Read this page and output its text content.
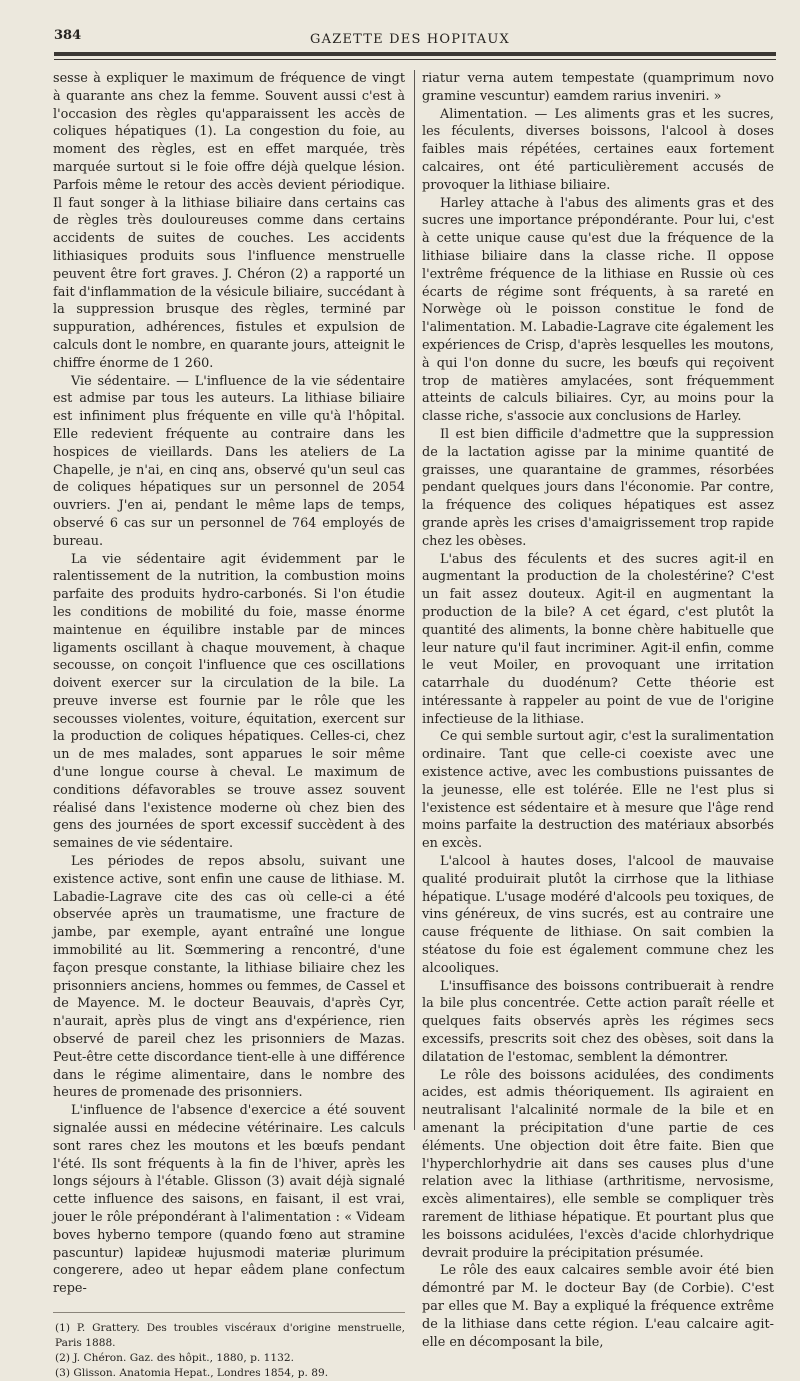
384	GAZETTE DES HOPITAUX

sesse à expliquer le maximum de fréquence de vingt à quarante ans chez la femme. Souvent aussi c'est à l'occasion des règles qu'apparaissent les accès de coliques hépatiques (1). La congestion du foie, au moment des règles, est en effet marquée, très marquée surtout si le foie offre déjà quelque lésion. Parfois même le retour des accès devient périodique. Il faut songer à la lithiase biliaire dans certains cas de règles très douloureuses comme dans certains accidents de suites de couches. Les accidents lithiasiques produits sous l'influence menstruelle peuvent être fort graves. J. Chéron (2) a rapporté un fait d'inflammation de la vésicule biliaire, succédant à la suppression brusque des règles, terminé par suppuration, adhérences, fistules et expulsion de calculs dont le nombre, en quarante jours, atteignit le chiffre énorme de 1 260.

Vie sédentaire. — L'influence de la vie sédentaire est admise par tous les auteurs. La lithiase biliaire est infiniment plus fréquente en ville qu'à l'hôpital. Elle redevient fréquente au contraire dans les hospices de vieillards. Dans les ateliers de La Chapelle, je n'ai, en cinq ans, observé qu'un seul cas de coliques hépatiques sur un personnel de 2054 ouvriers. J'en ai, pendant le même laps de temps, observé 6 cas sur un personnel de 764 employés de bureau.

La vie sédentaire agit évidemment par le ralentissement de la nutrition, la combustion moins parfaite des produits hydro-carbonés. Si l'on étudie les conditions de mobilité du foie, masse énorme maintenue en équilibre instable par de minces ligaments oscillant à chaque mouvement, à chaque secousse, on conçoit l'influence que ces oscillations doivent exercer sur la circulation de la bile. La preuve inverse est fournie par le rôle que les secousses violentes, voiture, équitation, exercent sur la production de coliques hépatiques. Celles-ci, chez un de mes malades, sont apparues le soir même d'une longue course à cheval. Le maximum de conditions défavorables se trouve assez souvent réalisé dans l'existence moderne où chez bien des gens des journées de sport excessif succèdent à des semaines de vie sédentaire.

Les périodes de repos absolu, suivant une existence active, sont enfin une cause de lithiase. M. Labadie-Lagrave cite des cas où celle-ci a été observée après un traumatisme, une fracture de jambe, par exemple, ayant entraîné une longue immobilité au lit. Sœmmering a rencontré, d'une façon presque constante, la lithiase biliaire chez les prisonniers anciens, hommes ou femmes, de Cassel et de Mayence. M. le docteur Beauvais, d'après Cyr, n'aurait, après plus de vingt ans d'expérience, rien observé de pareil chez les prisonniers de Mazas. Peut-être cette discordance tient-elle à une différence dans le régime alimentaire, dans le nombre des heures de promenade des prisonniers.

L'influence de l'absence d'exercice a été souvent signalée aussi en médecine vétérinaire. Les calculs sont rares chez les moutons et les bœufs pendant l'été. Ils sont fréquents à la fin de l'hiver, après les longs séjours à l'étable. Glisson (3) avait déjà signalé cette influence des saisons, en faisant, il est vrai, jouer le rôle prépondérant à l'alimentation : « Videam boves hyberno tempore (quando fœno aut stramine pascuntur) lapideæ hujusmodi materiæ plurimum congerere, adeo ut hepar eâdem plane confectum repe-

(1) P. Grattery. Des troubles viscéraux d'origine menstruelle, Paris 1888.

(2) J. Chéron. Gaz. des hôpit., 1880, p. 1132.

(3) Glisson. Anatomia Hepat., Londres 1854, p. 89.

riatur verna autem tempestate (quamprimum novo gramine vescuntur) eamdem rarius inveniri. »

Alimentation. — Les aliments gras et les sucres, les féculents, diverses boissons, l'alcool à doses faibles mais répétées, certaines eaux fortement calcaires, ont été particulièrement accusés de provoquer la lithiase biliaire.

Harley attache à l'abus des aliments gras et des sucres une importance prépondérante. Pour lui, c'est à cette unique cause qu'est due la fréquence de la lithiase biliaire dans la classe riche. Il oppose l'extrême fréquence de la lithiase en Russie où ces écarts de régime sont fréquents, à sa rareté en Norwège où le poisson constitue le fond de l'alimentation. M. Labadie-Lagrave cite également les expériences de Crisp, d'après lesquelles les moutons, à qui l'on donne du sucre, les bœufs qui reçoivent trop de matières amylacées, sont fréquemment atteints de calculs biliaires. Cyr, au moins pour la classe riche, s'associe aux conclusions de Harley.

Il est bien difficile d'admettre que la suppression de la lactation agisse par la minime quantité de graisses, une quarantaine de grammes, résorbées pendant quelques jours dans l'économie. Par contre, la fréquence des coliques hépatiques est assez grande après les crises d'amaigrissement trop rapide chez les obèses.

L'abus des féculents et des sucres agit-il en augmentant la production de la cholestérine? C'est un fait assez douteux. Agit-il en augmentant la production de la bile? A cet égard, c'est plutôt la quantité des aliments, la bonne chère habituelle que leur nature qu'il faut incriminer. Agit-il enfin, comme le veut Moiler, en provoquant une irritation catarrhale du duodénum? Cette théorie est intéressante à rappeler au point de vue de l'origine infectieuse de la lithiase.

Ce qui semble surtout agir, c'est la suralimentation ordinaire. Tant que celle-ci coexiste avec une existence active, avec les combustions puissantes de la jeunesse, elle est tolérée. Elle ne l'est plus si l'existence est sédentaire et à mesure que l'âge rend moins parfaite la destruction des matériaux absorbés en excès.

L'alcool à hautes doses, l'alcool de mauvaise qualité produirait plutôt la cirrhose que la lithiase hépatique. L'usage modéré d'alcools peu toxiques, de vins généreux, de vins sucrés, est au contraire une cause fréquente de lithiase. On sait combien la stéatose du foie est également commune chez les alcooliques.

L'insuffisance des boissons contribuerait à rendre la bile plus concentrée. Cette action paraît réelle et quelques faits observés après les régimes secs excessifs, prescrits soit chez des obèses, soit dans la dilatation de l'estomac, semblent la démontrer.

Le rôle des boissons acidulées, des condiments acides, est admis théoriquement. Ils agiraient en neutralisant l'alcalinité normale de la bile et en amenant la précipitation d'une partie de ces éléments. Une objection doit être faite. Bien que l'hyperchlorhydrie ait dans ses causes plus d'une relation avec la lithiase (arthritisme, nervosisme, excès alimentaires), elle semble se compliquer très rarement de lithiase hépatique. Et pourtant plus que les boissons acidulées, l'excès d'acide chlorhydrique devrait produire la précipitation présumée.

Le rôle des eaux calcaires semble avoir été bien démontré par M. le docteur Bay (de Corbie). C'est par elles que M. Bay a expliqué la fréquence extrême de la lithiase dans cette région. L'eau calcaire agit-elle en décomposant la bile,
